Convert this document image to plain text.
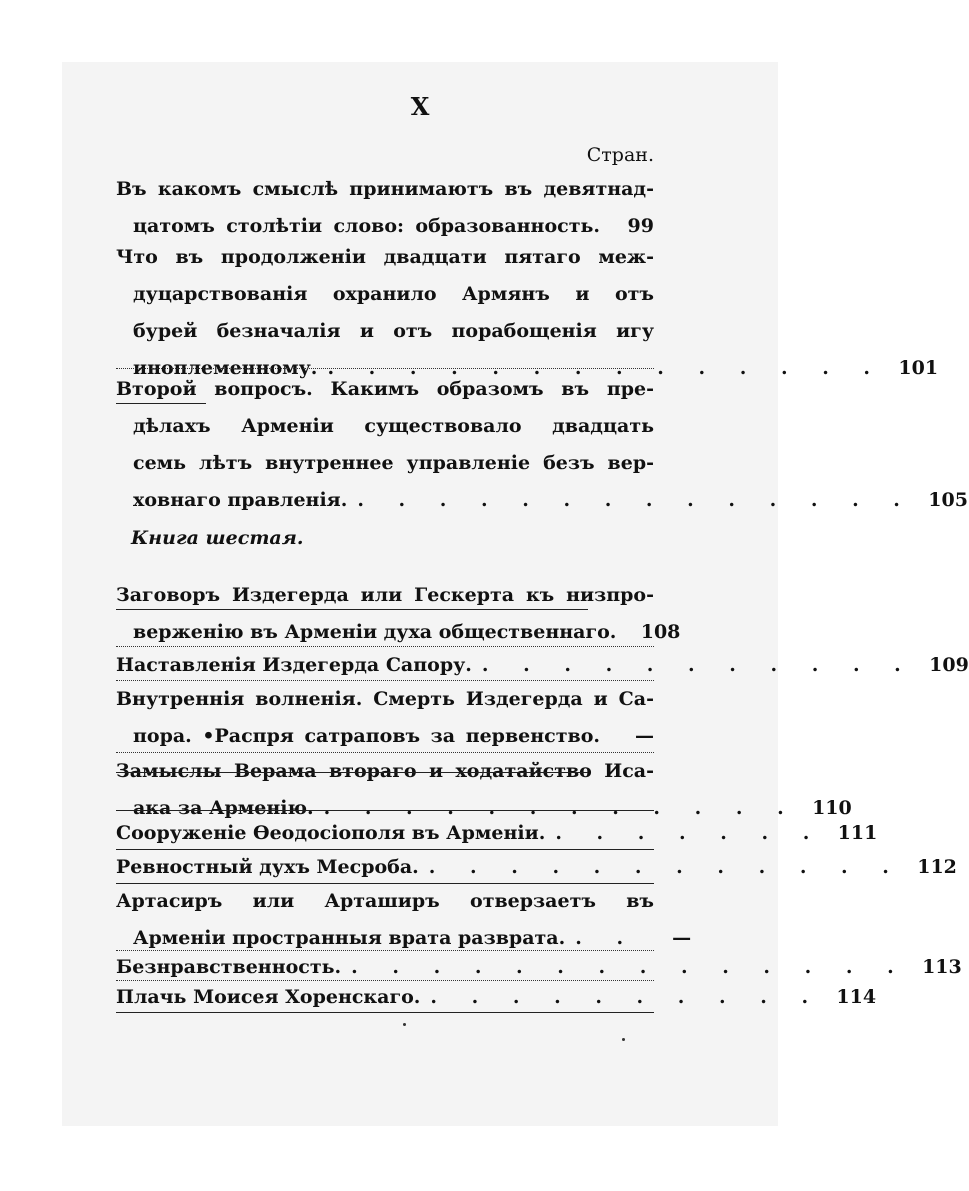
X
Стран.
Въ какомъ смыслѣ принимаютъ въ девятнад-
цатомъ столѣтіи слово: образованность.	99
Что въ продолженіи двадцати пятаго меж-
дуцарствованія охранило Армянъ и отъ
бурей безначалія и отъ порабощенія игу
иноплеменному. . . . . . . . . . . . . . . 101
Второй вопросъ. Какимъ образомъ въ пре-
дѣлахъ Арменіи существовало двадцать
семь лѣтъ внутреннее управленіе безъ вер-
ховнаго правленія. . . . . . . . . . . . . . . 105
Книга шестая.
Заговоръ Издегерда или Гескерта къ низпро-
верженію въ Арменіи духа общественнаго.	108
Наставленія Издегерда Сапору. . . . . . . . . . . . 109
Внутреннія волненія. Смерть Издегерда и Са-
пора. •Распря сатраповъ за первенство.	—
Замыслы Верама втораго и ходатайство Иса-
ака за Арменію. . . . . . . . . . . . . 110
Сооруженіе Ѳеодосіополя въ Арменіи. . . . . . . . 111
Ревностный духъ Месроба. . . . . . . . . . . . . 112
Артасиръ или Арташиръ отверзаетъ въ
Арменіи пространныя врата разврата. . .	—
Безнравственность. . . . . . . . . . . . . . . 113
Плачь Моисея Хоренскаго. . . . . . . . . . . 114
